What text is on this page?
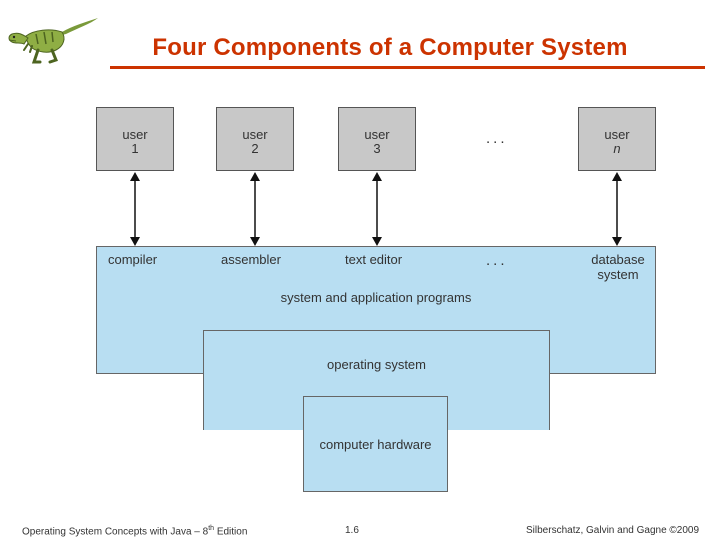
Four Components of a Computer System
user
1
user
2
user
3
user
n
...
compiler	assembler	text editor	...	database
system
system and application programs
operating system
computer hardware
Operating System Concepts with Java – 8th Edition	1.6	Silberschatz, Galvin and Gagne ©2009
